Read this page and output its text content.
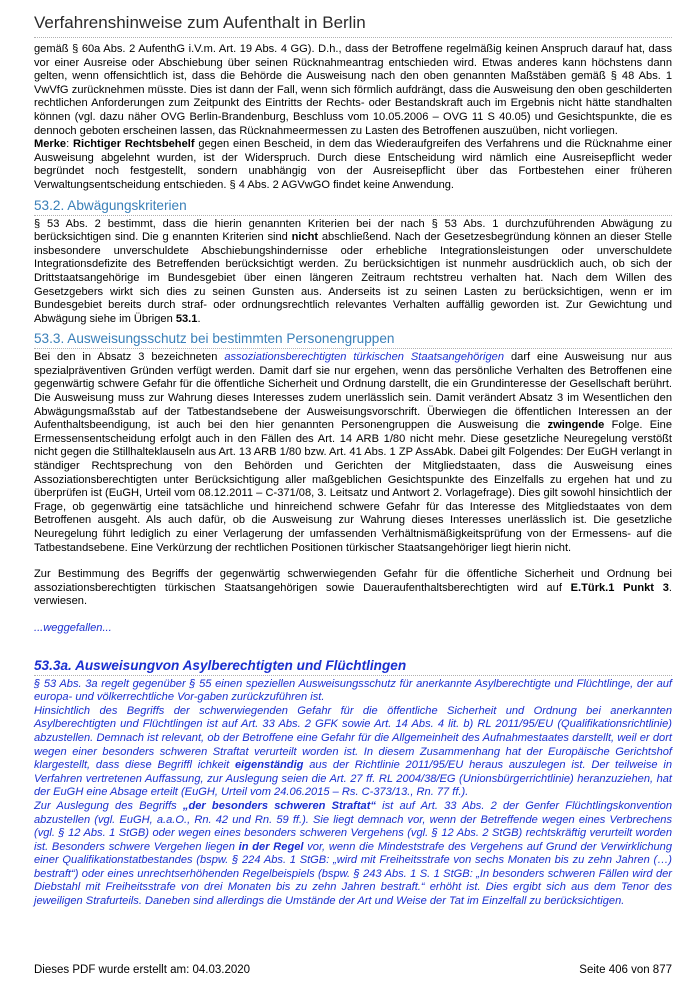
Verfahrenshinweise zum Aufenthalt in Berlin

gemäß § 60a Abs. 2 AufenthG i.V.m. Art. 19 Abs. 4 GG). D.h., dass der Betroffene regelmäßig keinen Anspruch darauf hat, dass vor einer Ausreise oder Abschiebung über seinen Rücknahmeantrag entschieden wird. Etwas anderes kann höchstens dann gelten, wenn offensichtlich ist, dass die Behörde die Ausweisung nach den oben genannten Maßstäben gemäß § 48 Abs. 1 VwVfG zurücknehmen müsste. Dies ist dann der Fall, wenn sich förmlich aufdrängt, dass die Ausweisung den oben geschilderten rechtlichen Anforderungen zum Zeitpunkt des Eintritts der Rechts- oder Bestandskraft auch im Ergebnis nicht hätte standhalten können (vgl. dazu näher OVG Berlin-Brandenburg, Beschluss vom 10.05.2006 – OVG 11 S 40.05) und Gesichtspunkte, die es dennoch geboten erscheinen lassen, das Rücknahmeermessen zu Lasten des Betroffenen auszuüben, nicht vorliegen.

Merke: Richtiger Rechtsbehelf gegen einen Bescheid, in dem das Wiederaufgreifen des Verfahrens und die Rücknahme einer Ausweisung abgelehnt wurden, ist der Widerspruch. Durch diese Entscheidung wird nämlich eine Ausreisepflicht weder begründet noch festgestellt, sondern unabhängig von der Ausreisepflicht über das Fortbestehen einer früheren Verwaltungsentscheidung entschieden. § 4 Abs. 2 AGVwGO findet keine Anwendung.

53.2. Abwägungskriterien

§ 53 Abs. 2 bestimmt, dass die hierin genannten Kriterien bei der nach § 53 Abs. 1 durchzuführenden Abwägung zu berücksichtigen sind. Die g enannten Kriterien sind nicht abschließend. Nach der Gesetzesbegründung können an dieser Stelle insbesondere unverschuldete Abschiebungshindernisse oder erhebliche Integrationsleistungen oder unverschuldete Integrationsdefizite des Betreffenden berücksichtigt werden. Zu berücksichtigen ist nunmehr ausdrücklich auch, ob sich der Drittstaatsangehörige im Bundesgebiet über einen längeren Zeitraum rechtstreu verhalten hat. Nach dem Willen des Gesetzgebers wirkt sich dies zu seinen Gunsten aus. Anderseits ist zu seinen Lasten zu berücksichtigen, wenn er im Bundesgebiet bereits durch straf- oder ordnungsrechtlich relevantes Verhalten auffällig geworden ist. Zur Gewichtung und Abwägung siehe im Übrigen 53.1.

53.3. Ausweisungsschutz bei bestimmten Personengruppen

Bei den in Absatz 3 bezeichneten assoziationsberechtigten türkischen Staatsangehörigen darf eine Ausweisung nur aus spezialpräventiven Gründen verfügt werden. Damit darf sie nur ergehen, wenn das persönliche Verhalten des Betroffenen eine gegenwärtig schwere Gefahr für die öffentliche Sicherheit und Ordnung darstellt, die ein Grundinteresse der Gesellschaft berührt. Die Ausweisung muss zur Wahrung dieses Interesses zudem unerlässlich sein. Damit verändert Absatz 3 im Wesentlichen den Abwägungsmaßstab auf der Tatbestandsebene der Ausweisungsvorschrift. Überwiegen die öffentlichen Interessen an der Aufenthaltsbeendigung, ist auch bei den hier genannten Personengruppen die Ausweisung die zwingende Folge. Eine Ermessensentscheidung erfolgt auch in den Fällen des Art. 14 ARB 1/80 nicht mehr. Diese gesetzliche Neuregelung verstößt nicht gegen die Stillhalteklauseln aus Art. 13 ARB 1/80 bzw. Art. 41 Abs. 1 ZP AssAbk. Dabei gilt Folgendes: Der EuGH verlangt in ständiger Rechtsprechung von den Behörden und Gerichten der Mitgliedstaaten, dass die Ausweisung eines Assoziationsberechtigten unter Berücksichtigung aller maßgeblichen Gesichtspunkte des Einzelfalls zu ergehen hat und zu überprüfen ist (EuGH, Urteil vom 08.12.2011 – C-371/08, 3. Leitsatz und Antwort 2. Vorlagefrage). Dies gilt sowohl hinsichtlich der Frage, ob gegenwärtig eine tatsächliche und hinreichend schwere Gefahr für das Interesse des Mitgliedstaates von dem Betroffenen ausgeht. Als auch dafür, ob die Ausweisung zur Wahrung dieses Interesses unerlässlich ist. Die gesetzliche Neuregelung führt lediglich zu einer Verlagerung der umfassenden Verhältnismäßigkeitsprüfung von der Ermessens- auf die Tatbestandsebene. Eine Verkürzung der rechtlichen Positionen türkischer Staatsangehöriger liegt hierin nicht.

Zur Bestimmung des Begriffs der gegenwärtig schwerwiegenden Gefahr für die öffentliche Sicherheit und Ordnung bei assoziationsberechtigten türkischen Staatsangehörigen sowie Daueraufenthaltsberechtigten wird auf E.Türk.1 Punkt 3. verwiesen.

...weggefallen...

53.3a. Ausweisungvon Asylberechtigten und Flüchtlingen

§ 53 Abs. 3a regelt gegenüber § 55 einen speziellen Ausweisungsschutz für anerkannte Asylberechtigte und Flüchtlinge, der auf europa- und völkerrechtliche Vor-gaben zurückzuführen ist.

Hinsichtlich des Begriffs der schwerwiegenden Gefahr für die öffentliche Sicherheit und Ordnung bei anerkannten Asylberechtigten und Flüchtlingen ist auf Art. 33 Abs. 2 GFK sowie Art. 14 Abs. 4 lit. b) RL 2011/95/EU (Qualifikationsrichtlinie) abzustellen. Demnach ist relevant, ob der Betroffene eine Gefahr für die Allgemeinheit des Aufnahmestaates darstellt, weil er dort wegen einer besonders schweren Straftat verurteilt worden ist. In diesem Zusammenhang hat der Europäische Gerichtshof klargestellt, dass diese Begriffl ichkeit eigenständig aus der Richtlinie 2011/95/EU heraus auszulegen ist. Der teilweise in Verfahren vertretenen Auffassung, zur Auslegung seien die Art. 27 ff. RL 2004/38/EG (Unionsbürgerrichtlinie) heranzuziehen, hat der EuGH eine Absage erteilt (EuGH, Urteil vom 24.06.2015 – Rs. C-373/13., Rn. 77 ff.).

Zur Auslegung des Begriffs „der besonders schweren Straftat“ ist auf Art. 33 Abs. 2 der Genfer Flüchtlingskonvention abzustellen (vgl. EuGH, a.a.O., Rn. 42 und Rn. 59 ff.). Sie liegt demnach vor, wenn der Betreffende wegen eines Verbrechens (vgl. § 12 Abs. 1 StGB) oder wegen eines besonders schweren Vergehens (vgl. § 12 Abs. 2 StGB) rechtskräftig verurteilt worden ist. Besonders schwere Vergehen liegen in der Regel vor, wenn die Mindeststrafe des Vergehens auf Grund der Verwirklichung einer Qualifikationstatbestandes (bspw. § 224 Abs. 1 StGB: „wird mit Freiheitsstrafe von sechs Monaten bis zu zehn Jahren (…) bestraft“) oder eines unrechtserhöhenden Regelbeispiels (bspw. § 243 Abs. 1 S. 1 StGB: „In besonders schweren Fällen wird der Diebstahl mit Freiheitsstrafe von drei Monaten bis zu zehn Jahren bestraft.“ erhöht ist. Dies ergibt sich aus dem Tenor des jeweiligen Strafurteils. Daneben sind allerdings die Umstände der Art und Weise der Tat im Einzelfall zu berücksichtigen.

Dieses PDF wurde erstellt am: 04.03.2020	Seite 406 von 877
